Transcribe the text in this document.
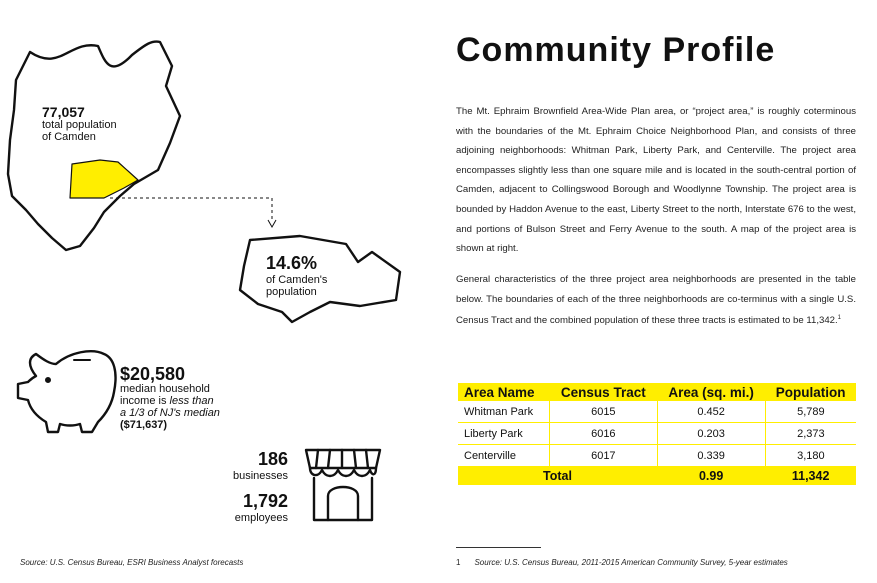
77,057
total population
of Camden
14.6%
of Camden's
population
$20,580
median household
income is less than
a 1/3 of NJ's median
($71,637)
186
businesses
1,792
employees
Source: U.S. Census Bureau, ESRI Business Analyst forecasts
Community Profile
The Mt. Ephraim Brownfield Area-Wide Plan area, or “project area,” is roughly coterminous with the boundaries of the Mt. Ephraim Choice Neighborhood Plan, and consists of three adjoining neighborhoods: Whitman Park, Liberty Park, and Centerville. The project area encompasses slightly less than one square mile and is located in the south-central portion of Camden, adjacent to Collingswood Borough and Woodlynne Township. The project area is bounded by Haddon Avenue to the east, Liberty Street to the north, Interstate 676 to the west, and portions of Bulson Street and Ferry Avenue to the south. A map of the project area is shown at right.
General characteristics of the three project area neighborhoods are presented in the table below. The boundaries of each of the three neighborhoods are co-terminus with a single U.S. Census Tract and the combined population of these three tracts is estimated to be 11,342.$^1$
Area Name	Census Tract	Area (sq. mi.)	Population
Whitman Park	6015	0.452	5,789
Liberty Park	6016	0.203	2,373
Centerville	6017	0.339	3,180
Total		0.99	11,342
1 Source: U.S. Census Bureau, 2011-2015 American Community Survey, 5-year estimates
